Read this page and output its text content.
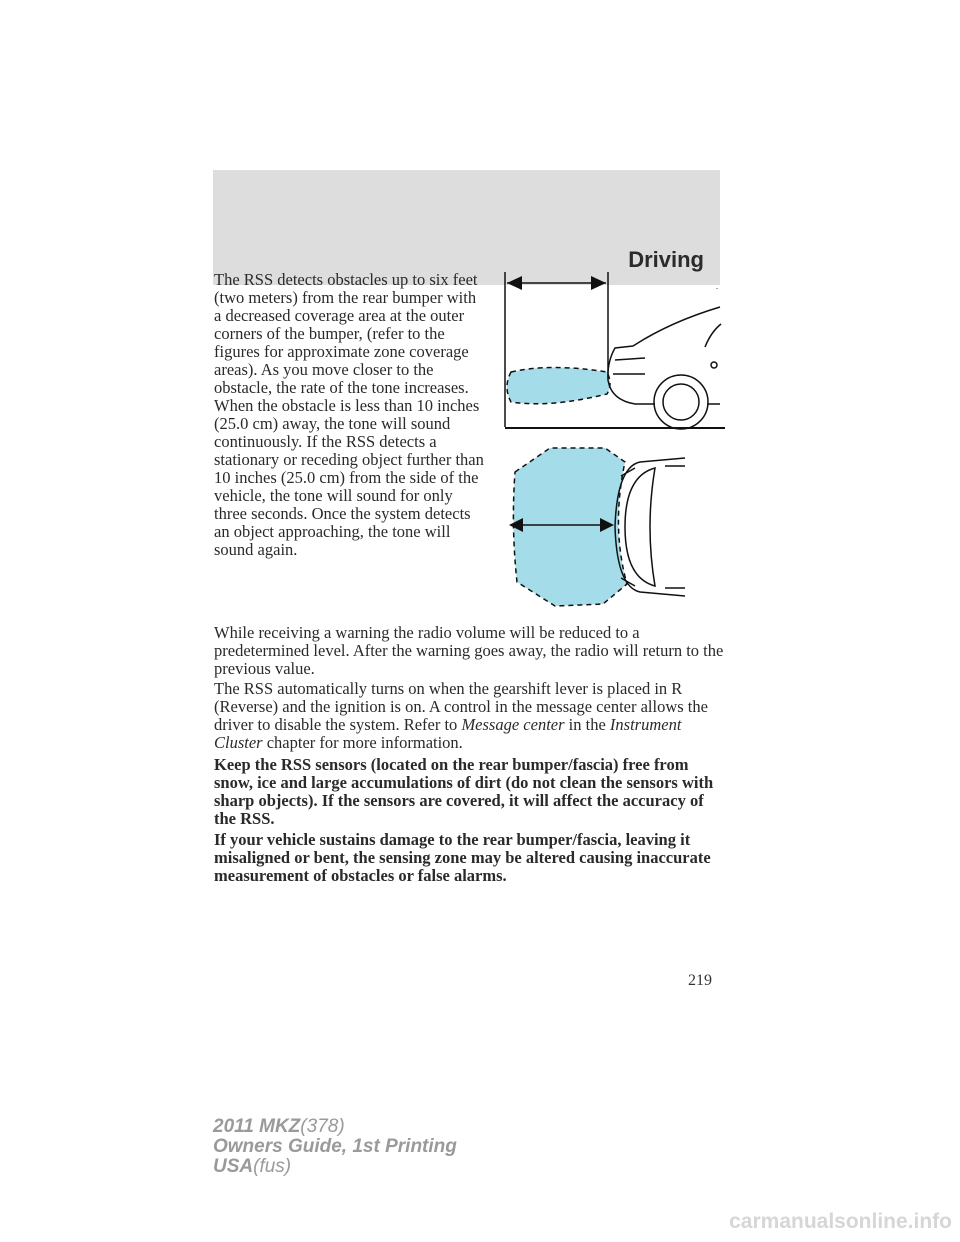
Driving

The RSS detects obstacles up to six feet (two meters) from the rear bumper with a decreased coverage area at the outer corners of the bumper, (refer to the figures for approximate zone coverage areas). As you move closer to the obstacle, the rate of the tone increases. When the obstacle is less than 10 inches (25.0 cm) away, the tone will sound continuously. If the RSS detects a stationary or receding object further than 10 inches (25.0 cm) from the side of the vehicle, the tone will sound for only three seconds. Once the system detects an object approaching, the tone will sound again.

.

While receiving a warning the radio volume will be reduced to a predetermined level. After the warning goes away, the radio will return to the previous value.

The RSS automatically turns on when the gearshift lever is placed in R (Reverse) and the ignition is on. A control in the message center allows the driver to disable the system. Refer to Message center in the Instrument Cluster chapter for more information.

Keep the RSS sensors (located on the rear bumper/fascia) free from snow, ice and large accumulations of dirt (do not clean the sensors with sharp objects). If the sensors are covered, it will affect the accuracy of the RSS.

If your vehicle sustains damage to the rear bumper/fascia, leaving it misaligned or bent, the sensing zone may be altered causing inaccurate measurement of obstacles or false alarms.

219

2011 MKZ(378)
Owners Guide, 1st Printing
USA(fus)

carmanualsonline.info
